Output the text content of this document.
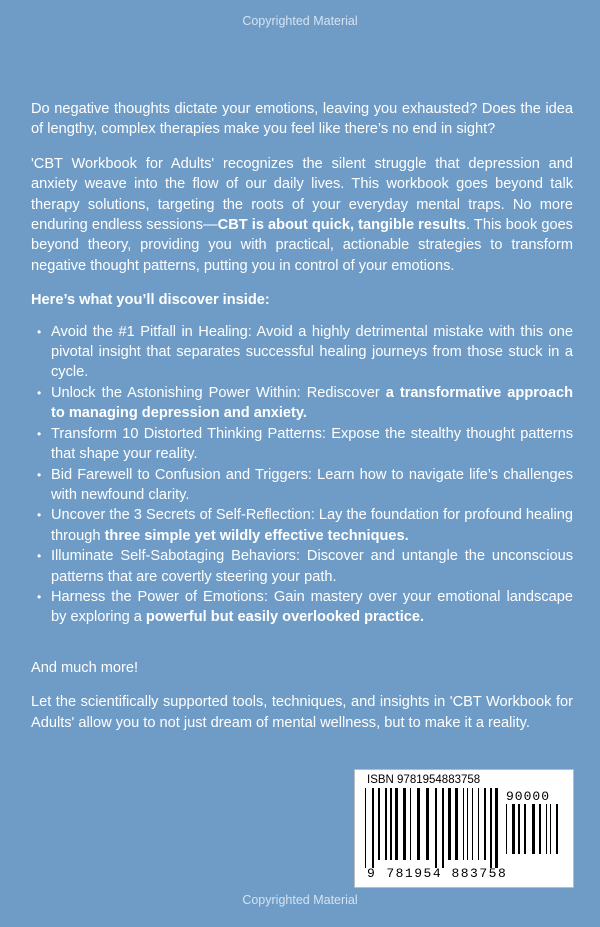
Copyrighted Material

Do negative thoughts dictate your emotions, leaving you exhausted? Does the idea of lengthy, complex therapies make you feel like there’s no end in sight?

'CBT Workbook for Adults' recognizes the silent struggle that depression and anxiety weave into the flow of our daily lives. This workbook goes beyond talk therapy solutions, targeting the roots of your everyday mental traps. No more enduring endless sessions—CBT is about quick, tangible results. This book goes beyond theory, providing you with practical, actionable strategies to transform negative thought patterns, putting you in control of your emotions.

Here’s what you’ll discover inside:

• Avoid the #1 Pitfall in Healing: Avoid a highly detrimental mistake with this one pivotal insight that separates successful healing journeys from those stuck in a cycle.
• Unlock the Astonishing Power Within: Rediscover a transformative approach to managing depression and anxiety.
• Transform 10 Distorted Thinking Patterns: Expose the stealthy thought patterns that shape your reality.
• Bid Farewell to Confusion and Triggers: Learn how to navigate life’s challenges with newfound clarity.
• Uncover the 3 Secrets of Self-Reflection: Lay the foundation for profound healing through three simple yet wildly effective techniques.
• Illuminate Self-Sabotaging Behaviors: Discover and untangle the unconscious patterns that are covertly steering your path.
• Harness the Power of Emotions: Gain mastery over your emotional landscape by exploring a powerful but easily overlooked practice.

And much more!

Let the scientifically supported tools, techniques, and insights in 'CBT Workbook for Adults' allow you to not just dream of mental wellness, but to make it a reality.

ISBN 9781954883758
90000
9 781954 883758
Copyrighted Material
